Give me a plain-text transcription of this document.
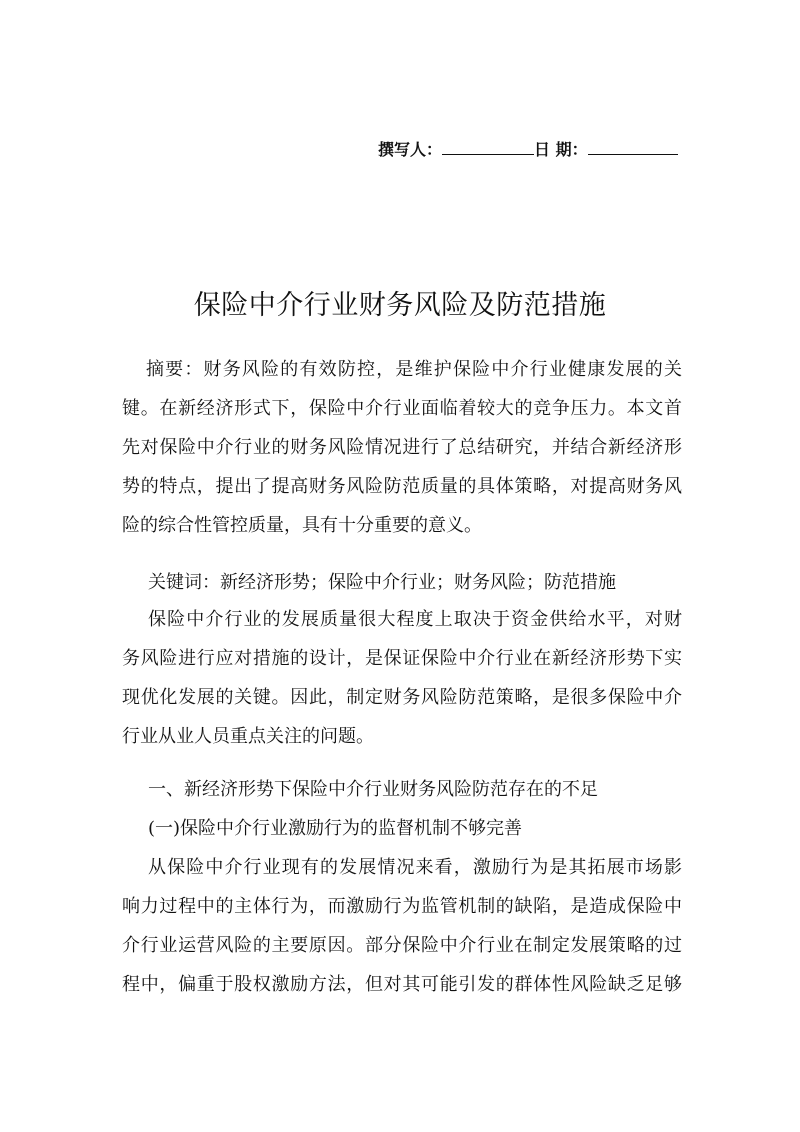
撰写人：	日 期：
保险中介行业财务风险及防范措施
摘要：财务风险的有效防控，是维护保险中介行业健康发展的关
键。在新经济形式下，保险中介行业面临着较大的竞争压力。本文首
先对保险中介行业的财务风险情况进行了总结研究，并结合新经济形
势的特点，提出了提高财务风险防范质量的具体策略，对提高财务风
险的综合性管控质量，具有十分重要的意义。
关键词：新经济形势；保险中介行业；财务风险；防范措施
保险中介行业的发展质量很大程度上取决于资金供给水平，对财
务风险进行应对措施的设计，是保证保险中介行业在新经济形势下实
现优化发展的关键。因此，制定财务风险防范策略，是很多保险中介
行业从业人员重点关注的问题。
一、新经济形势下保险中介行业财务风险防范存在的不足
(一)保险中介行业激励行为的监督机制不够完善
从保险中介行业现有的发展情况来看，激励行为是其拓展市场影
响力过程中的主体行为，而激励行为监管机制的缺陷，是造成保险中
介行业运营风险的主要原因。部分保险中介行业在制定发展策略的过
程中，偏重于股权激励方法，但对其可能引发的群体性风险缺乏足够
